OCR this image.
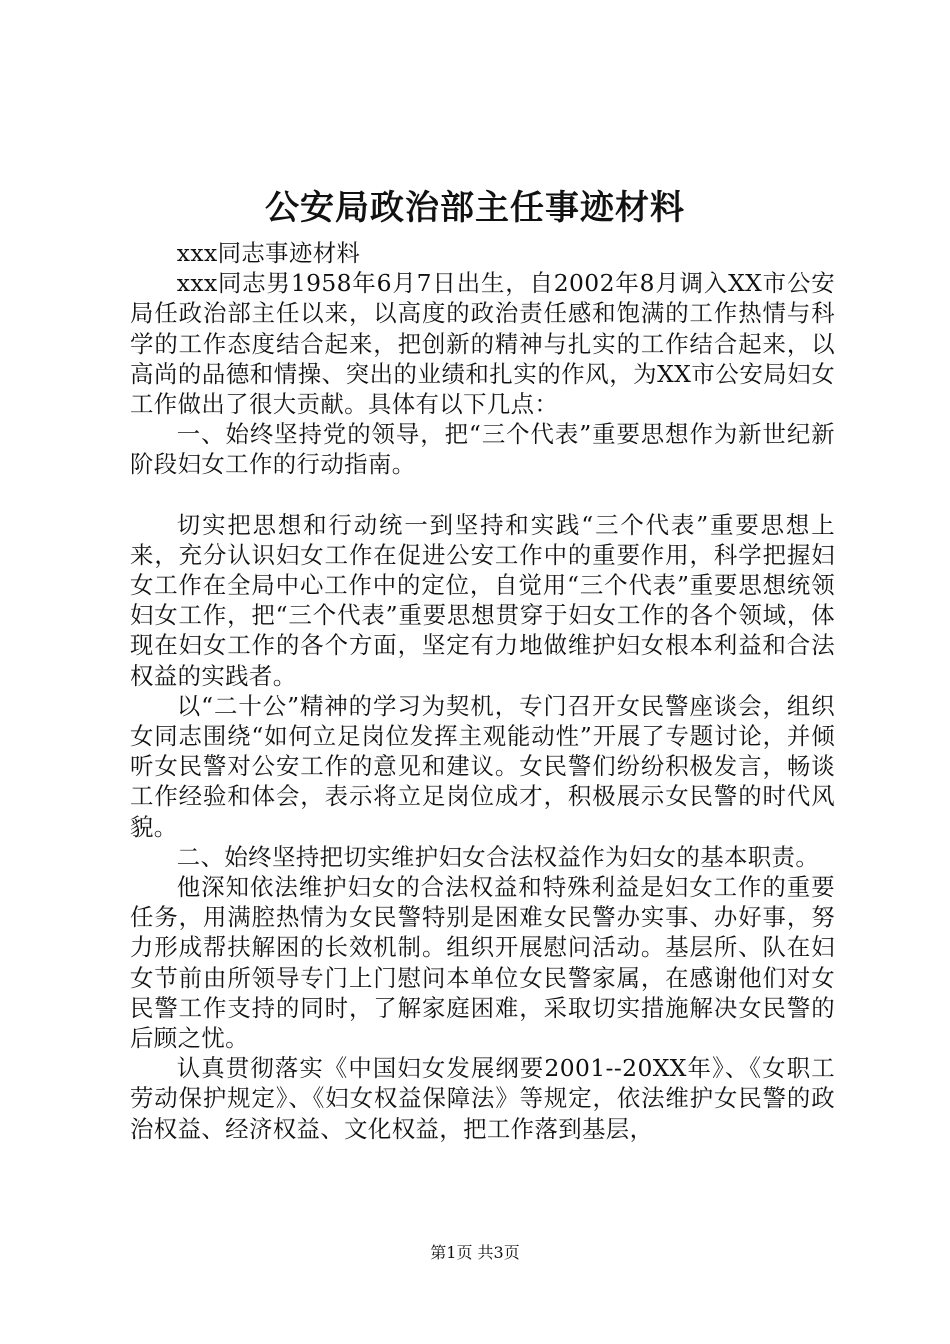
公安局政治部主任事迹材料

xxx同志事迹材料

xxx同志男1958年6月7日出生，自2002年8月调入XX市公安局任政治部主任以来，以高度的政治责任感和饱满的工作热情与科学的工作态度结合起来，把创新的精神与扎实的工作结合起来，以高尚的品德和情操、突出的业绩和扎实的作风，为XX市公安局妇女工作做出了很大贡献。具体有以下几点：

一、始终坚持党的领导，把“三个代表”重要思想作为新世纪新阶段妇女工作的行动指南。

切实把思想和行动统一到坚持和实践“三个代表”重要思想上来，充分认识妇女工作在促进公安工作中的重要作用，科学把握妇女工作在全局中心工作中的定位，自觉用“三个代表”重要思想统领妇女工作，把“三个代表”重要思想贯穿于妇女工作的各个领域，体现在妇女工作的各个方面，坚定有力地做维护妇女根本利益和合法权益的实践者。

以“二十公”精神的学习为契机，专门召开女民警座谈会，组织女同志围绕“如何立足岗位发挥主观能动性”开展了专题讨论，并倾听女民警对公安工作的意见和建议。女民警们纷纷积极发言，畅谈工作经验和体会，表示将立足岗位成才，积极展示女民警的时代风貌。

二、始终坚持把切实维护妇女合法权益作为妇女的基本职责。

他深知依法维护妇女的合法权益和特殊利益是妇女工作的重要任务，用满腔热情为女民警特别是困难女民警办实事、办好事，努力形成帮扶解困的长效机制。组织开展慰问活动。基层所、队在妇女节前由所领导专门上门慰问本单位女民警家属，在感谢他们对女民警工作支持的同时，了解家庭困难，采取切实措施解决女民警的后顾之忧。

认真贯彻落实《中国妇女发展纲要2001--20XX年》、《女职工劳动保护规定》、《妇女权益保障法》等规定，依法维护女民警的政治权益、经济权益、文化权益，把工作落到基层，

第1页 共3页
